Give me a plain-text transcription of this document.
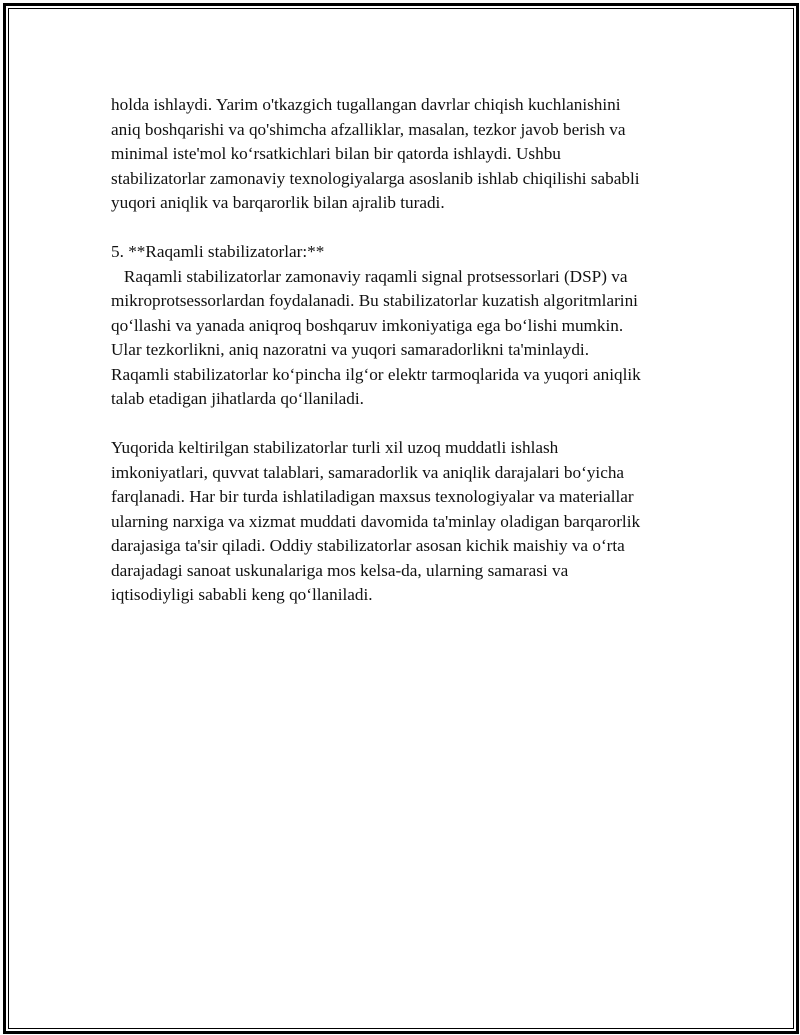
holda ishlaydi. Yarim o'tkazgich tugallangan davrlar chiqish kuchlanishini
aniq boshqarishi va qo'shimcha afzalliklar, masalan, tezkor javob berish va
minimal iste'mol ko‘rsatkichlari bilan bir qatorda ishlaydi. Ushbu
stabilizatorlar zamonaviy texnologiyalarga asoslanib ishlab chiqilishi sababli
yuqori aniqlik va barqarorlik bilan ajralib turadi.
5. **Raqamli stabilizatorlar:**
Raqamli stabilizatorlar zamonaviy raqamli signal protsessorlari (DSP) va
mikroprotsessorlardan foydalanadi. Bu stabilizatorlar kuzatish algoritmlarini
qo‘llashi va yanada aniqroq boshqaruv imkoniyatiga ega bo‘lishi mumkin.
Ular tezkorlikni, aniq nazoratni va yuqori samaradorlikni ta'minlaydi.
Raqamli stabilizatorlar ko‘pincha ilg‘or elektr tarmoqlarida va yuqori aniqlik
talab etadigan jihatlarda qo‘llaniladi.
Yuqorida keltirilgan stabilizatorlar turli xil uzoq muddatli ishlash
imkoniyatlari, quvvat talablari, samaradorlik va aniqlik darajalari bo‘yicha
farqlanadi. Har bir turda ishlatiladigan maxsus texnologiyalar va materiallar
ularning narxiga va xizmat muddati davomida ta'minlay oladigan barqarorlik
darajasiga ta'sir qiladi. Oddiy stabilizatorlar asosan kichik maishiy va o‘rta
darajadagi sanoat uskunalariga mos kelsa-da, ularning samarasi va
iqtisodiyligi sababli keng qo‘llaniladi.
